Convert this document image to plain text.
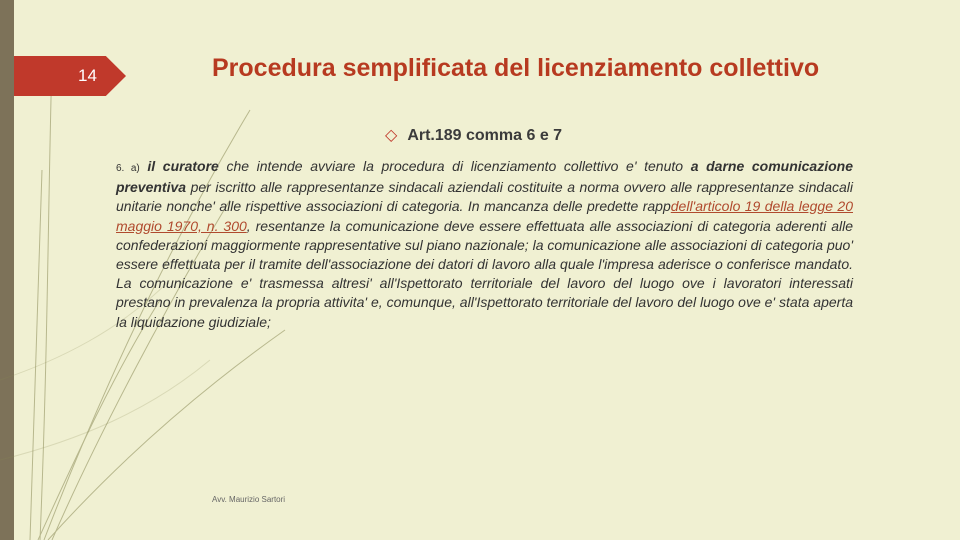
14	Procedura semplificata del licenziamento collettivo
◇ Art.189 comma 6 e 7

6. a) il curatore che intende avviare la procedura di licenziamento collettivo e' tenuto a darne comunicazione preventiva per iscritto alle rappresentanze sindacali aziendali costituite a norma ovvero alle rappresentanze sindacali unitarie nonche' alle rispettive associazioni di categoria. In mancanza delle predette rappdell'articolo 19 della legge 20 maggio 1970, n. 300, resentanze la comunicazione deve essere effettuata alle associazioni di categoria aderenti alle confederazioni maggiormente rappresentative sul piano nazionale; la comunicazione alle associazioni di categoria puo' essere effettuata per il tramite dell'associazione dei datori di lavoro alla quale l'impresa aderisce o conferisce mandato. La comunicazione e' trasmessa altresi' all'Ispettorato territoriale del lavoro del luogo ove i lavoratori interessati prestano in prevalenza la propria attivita' e, comunque, all'Ispettorato territoriale del lavoro del luogo ove e' stata aperta la liquidazione giudiziale;

Avv. Maurizio Sartori
